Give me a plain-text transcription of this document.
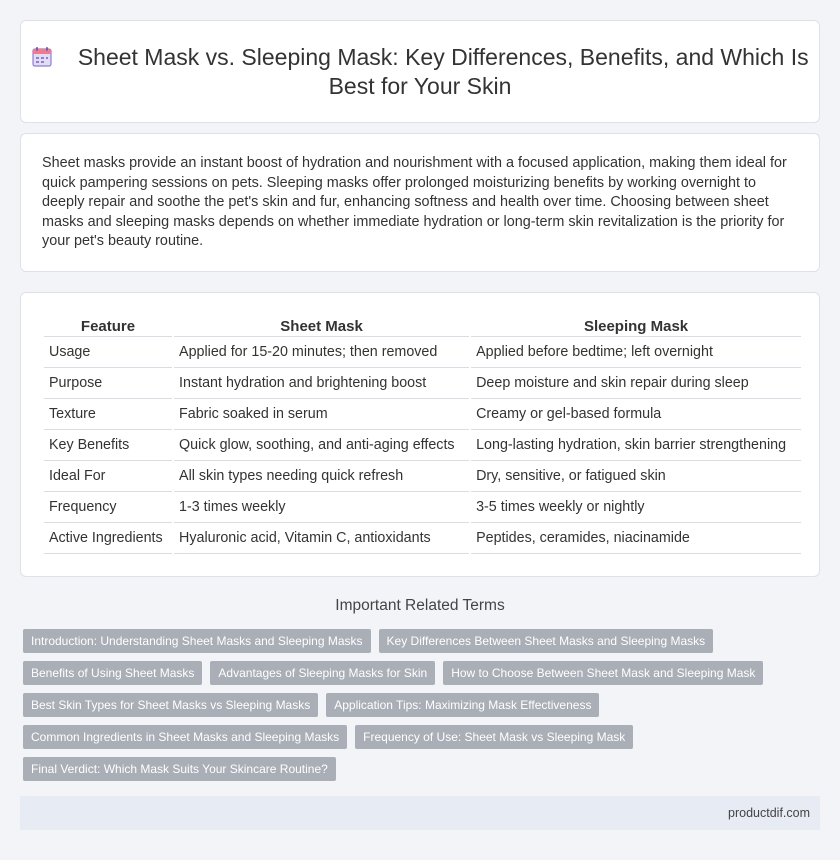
Sheet Mask vs. Sleeping Mask: Key Differences, Benefits, and Which Is Best for Your Skin

Sheet masks provide an instant boost of hydration and nourishment with a focused application, making them ideal for quick pampering sessions on pets. Sleeping masks offer prolonged moisturizing benefits by working overnight to deeply repair and soothe the pet's skin and fur, enhancing softness and health over time. Choosing between sheet masks and sleeping masks depends on whether immediate hydration or long-term skin revitalization is the priority for your pet's beauty routine.

Feature	Sheet Mask	Sleeping Mask
Usage	Applied for 15-20 minutes; then removed	Applied before bedtime; left overnight
Purpose	Instant hydration and brightening boost	Deep moisture and skin repair during sleep
Texture	Fabric soaked in serum	Creamy or gel-based formula
Key Benefits	Quick glow, soothing, and anti-aging effects	Long-lasting hydration, skin barrier strengthening
Ideal For	All skin types needing quick refresh	Dry, sensitive, or fatigued skin
Frequency	1-3 times weekly	3-5 times weekly or nightly
Active Ingredients	Hyaluronic acid, Vitamin C, antioxidants	Peptides, ceramides, niacinamide
Important Related Terms
Introduction: Understanding Sheet Masks and Sleeping Masks	Key Differences Between Sheet Masks and Sleeping Masks
Benefits of Using Sheet Masks	Advantages of Sleeping Masks for Skin	How to Choose Between Sheet Mask and Sleeping Mask
Best Skin Types for Sheet Masks vs Sleeping Masks	Application Tips: Maximizing Mask Effectiveness
Common Ingredients in Sheet Masks and Sleeping Masks	Frequency of Use: Sheet Mask vs Sleeping Mask
Final Verdict: Which Mask Suits Your Skincare Routine?
productdif.com
